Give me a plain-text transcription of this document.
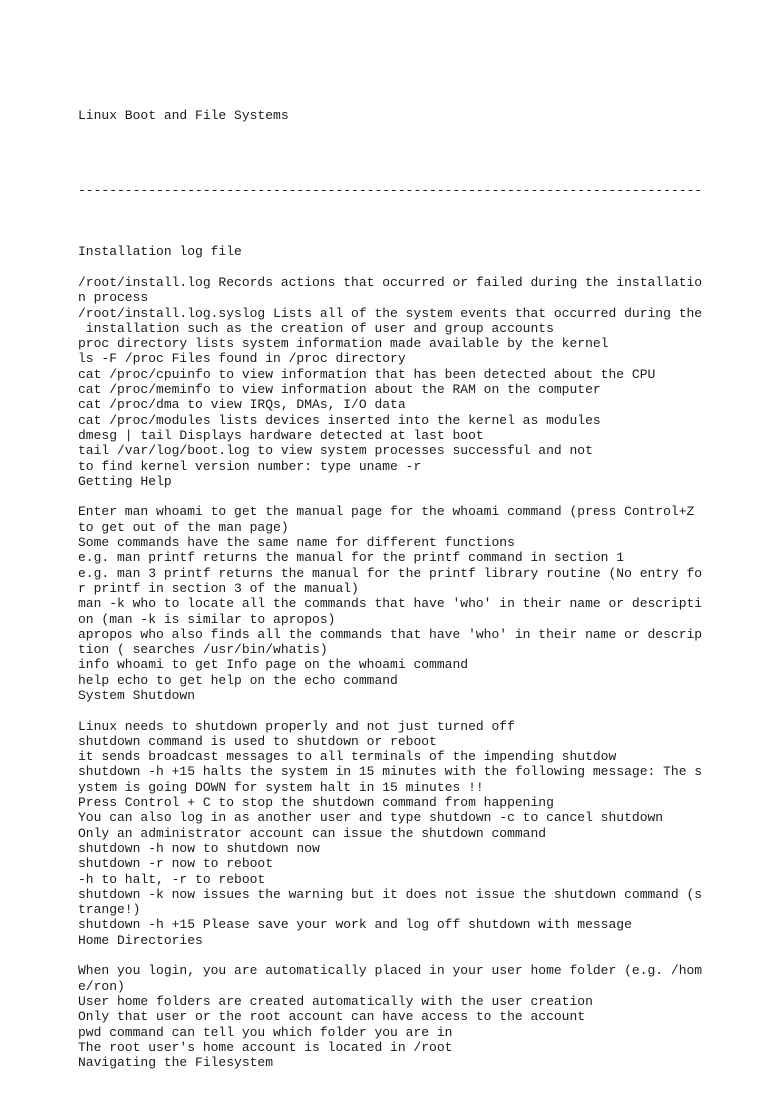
Linux Boot and File Systems

--------------------------------------------------------------------------------

Installation log file
/root/install.log Records actions that occurred or failed during the installatio
n process
/root/install.log.syslog Lists all of the system events that occurred during the
installation such as the creation of user and group accounts
proc directory lists system information made available by the kernel
ls -F /proc Files found in /proc directory
cat /proc/cpuinfo to view information that has been detected about the CPU
cat /proc/meminfo to view information about the RAM on the computer
cat /proc/dma to view IRQs, DMAs, I/O data
cat /proc/modules lists devices inserted into the kernel as modules
dmesg | tail Displays hardware detected at last boot
tail /var/log/boot.log to view system processes successful and not
to find kernel version number: type uname -r
Getting Help
Enter man whoami to get the manual page for the whoami command (press Control+Z
to get out of the man page)
Some commands have the same name for different functions
e.g. man printf returns the manual for the printf command in section 1
e.g. man 3 printf returns the manual for the printf library routine (No entry fo
r printf in section 3 of the manual)
man -k who to locate all the commands that have 'who' in their name or descripti
on (man -k is similar to apropos)
apropos who also finds all the commands that have 'who' in their name or descrip
tion ( searches /usr/bin/whatis)
info whoami to get Info page on the whoami command
help echo to get help on the echo command
System Shutdown
Linux needs to shutdown properly and not just turned off
shutdown command is used to shutdown or reboot
it sends broadcast messages to all terminals of the impending shutdow
shutdown -h +15 halts the system in 15 minutes with the following message: The s
ystem is going DOWN for system halt in 15 minutes !!
Press Control + C to stop the shutdown command from happening
You can also log in as another user and type shutdown -c to cancel shutdown
Only an administrator account can issue the shutdown command
shutdown -h now to shutdown now
shutdown -r now to reboot
-h to halt, -r to reboot
shutdown -k now issues the warning but it does not issue the shutdown command (s
trange!)
shutdown -h +15 Please save your work and log off shutdown with message
Home Directories
When you login, you are automatically placed in your user home folder (e.g. /hom
e/ron)
User home folders are created automatically with the user creation
Only that user or the root account can have access to the account
pwd command can tell you which folder you are in
The root user's home account is located in /root
Navigating the Filesystem
